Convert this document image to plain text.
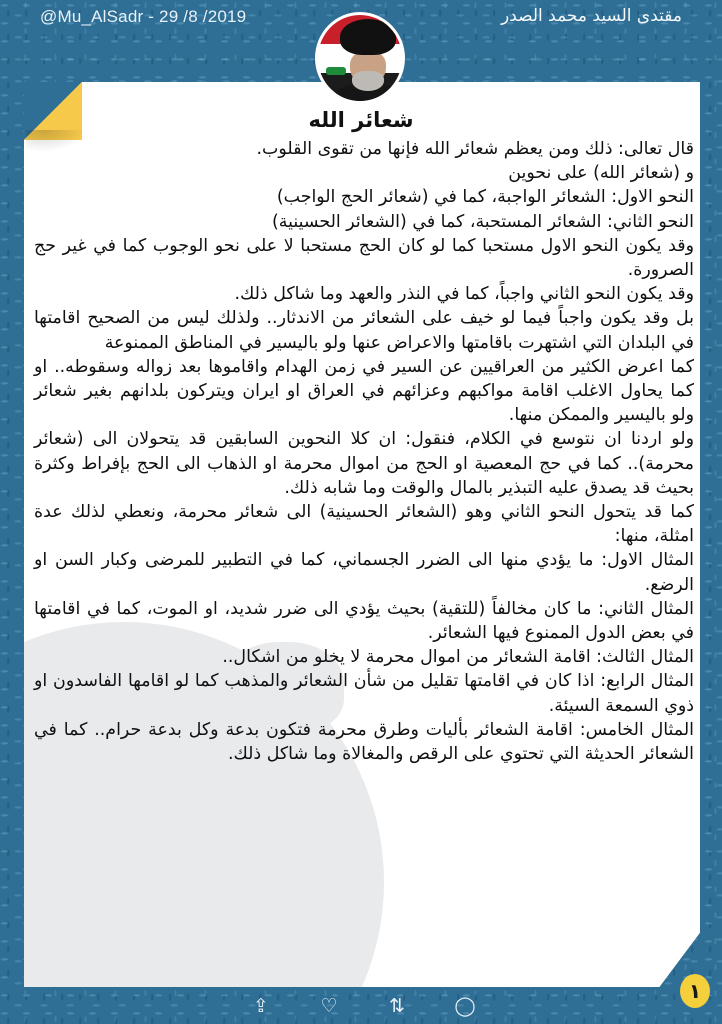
@Mu_AlSadr - 29 /8 /2019	مقتدى السيد محمد الصدر
شعائر الله

قال تعالى: ذلك ومن يعظم شعائر الله فإنها من تقوى القلوب.

و (شعائر الله) على نحوين

النحو الاول: الشعائر الواجبة، كما في (شعائر الحج الواجب)

النحو الثاني: الشعائر المستحبة، كما في (الشعائر الحسينية)

وقد يكون النحو الاول مستحبا كما لو كان الحج مستحبا لا على نحو الوجوب كما في غير حج الصرورة.

وقد يكون النحو الثاني واجباً، كما في النذر والعهد وما شاكل ذلك.

بل وقد يكون واجباً فيما لو خيف على الشعائر من الاندثار.. ولذلك ليس من الصحيح اقامتها في البلدان التي اشتهرت باقامتها والاعراض عنها ولو باليسير في المناطق الممنوعة

كما اعرض الكثير من العراقيين عن السير في زمن الهدام واقاموها بعد زواله وسقوطه.. او كما يحاول الاغلب اقامة مواكبهم وعزائهم في العراق او ايران ويتركون بلدانهم بغير شعائر ولو باليسير والممكن منها.

ولو اردنا ان نتوسع في الكلام، فنقول: ان كلا النحوين السابقين قد يتحولان الى (شعائر محرمة).. كما في حج المعصية او الحج من اموال محرمة او الذهاب الى الحج بإفراط وكثرة بحيث قد يصدق عليه التبذير بالمال والوقت وما شابه ذلك.

كما قد يتحول النحو الثاني وهو (الشعائر الحسينية) الى شعائر محرمة، ونعطي لذلك عدة امثلة، منها:

المثال الاول: ما يؤدي منها الى الضرر الجسماني، كما في التطبير للمرضى وكبار السن او الرضع.

المثال الثاني: ما كان مخالفاً (للتقية) بحيث يؤدي الى ضرر شديد، او الموت، كما في اقامتها في بعض الدول الممنوع فيها الشعائر.

المثال الثالث: اقامة الشعائر من اموال محرمة لا يخلو من اشكال..

المثال الرابع: اذا كان في اقامتها تقليل من شأن الشعائر والمذهب كما لو اقامها الفاسدون او ذوي السمعة السيئة.

المثال الخامس: اقامة الشعائر بأليات وطرق محرمة فتكون بدعة وكل بدعة حرام.. كما في الشعائر الحديثة التي تحتوي على الرقص والمغالاة وما شاكل ذلك.

١
⇪	♡	⇅	◯
